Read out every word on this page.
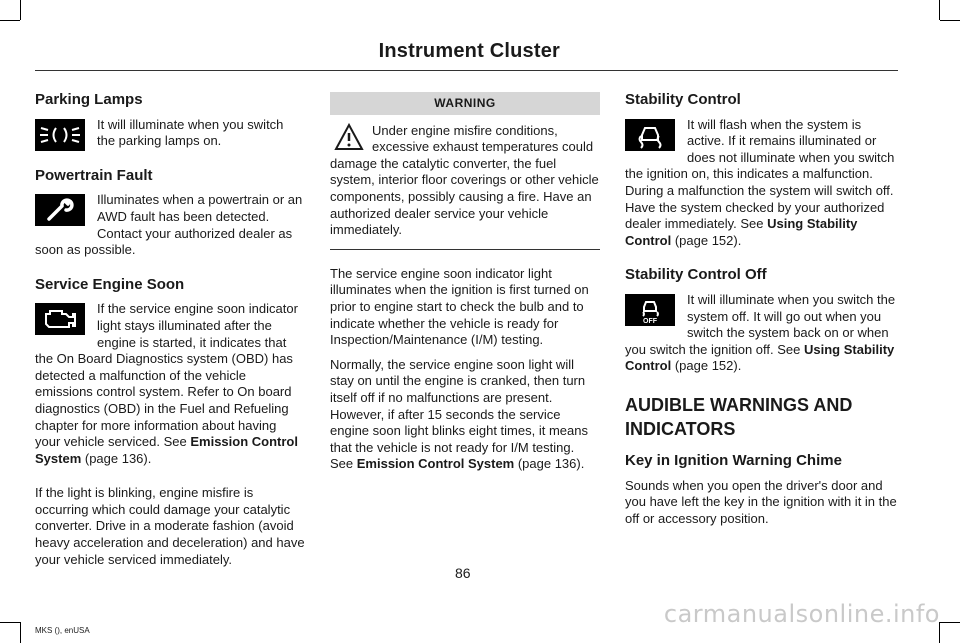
Instrument Cluster
Parking Lamps

It will illuminate when you switch the parking lamps on.

Powertrain Fault

Illuminates when a powertrain or an AWD fault has been detected. Contact your authorized dealer as soon as possible.

Service Engine Soon

If the service engine soon indicator light stays illuminated after the engine is started, it indicates that the On Board Diagnostics system (OBD) has detected a malfunction of the vehicle emissions control system. Refer to On board diagnostics (OBD) in the Fuel and Refueling chapter for more information about having your vehicle serviced. See Emission Control System (page 136).

If the light is blinking, engine misfire is occurring which could damage your catalytic converter. Drive in a moderate fashion (avoid heavy acceleration and deceleration) and have your vehicle serviced immediately.

WARNING

Under engine misfire conditions, excessive exhaust temperatures could damage the catalytic converter, the fuel system, interior floor coverings or other vehicle components, possibly causing a fire. Have an authorized dealer service your vehicle immediately.

The service engine soon indicator light illuminates when the ignition is first turned on prior to engine start to check the bulb and to indicate whether the vehicle is ready for Inspection/Maintenance (I/M) testing.

Normally, the service engine soon light will stay on until the engine is cranked, then turn itself off if no malfunctions are present. However, if after 15 seconds the service engine soon light blinks eight times, it means that the vehicle is not ready for I/M testing. See Emission Control System (page 136).

Stability Control

It will flash when the system is active. If it remains illuminated or does not illuminate when you switch the ignition on, this indicates a malfunction. During a malfunction the system will switch off. Have the system checked by your authorized dealer immediately. See Using Stability Control (page 152).

Stability Control Off
OFF

It will illuminate when you switch the system off. It will go out when you switch the system back on or when you switch the ignition off. See Using Stability Control (page 152).

AUDIBLE WARNINGS AND INDICATORS
Key in Ignition Warning Chime

Sounds when you open the driver's door and you have left the key in the ignition with it in the off or accessory position.

86
MKS (), enUSA
carmanualsonline.info
